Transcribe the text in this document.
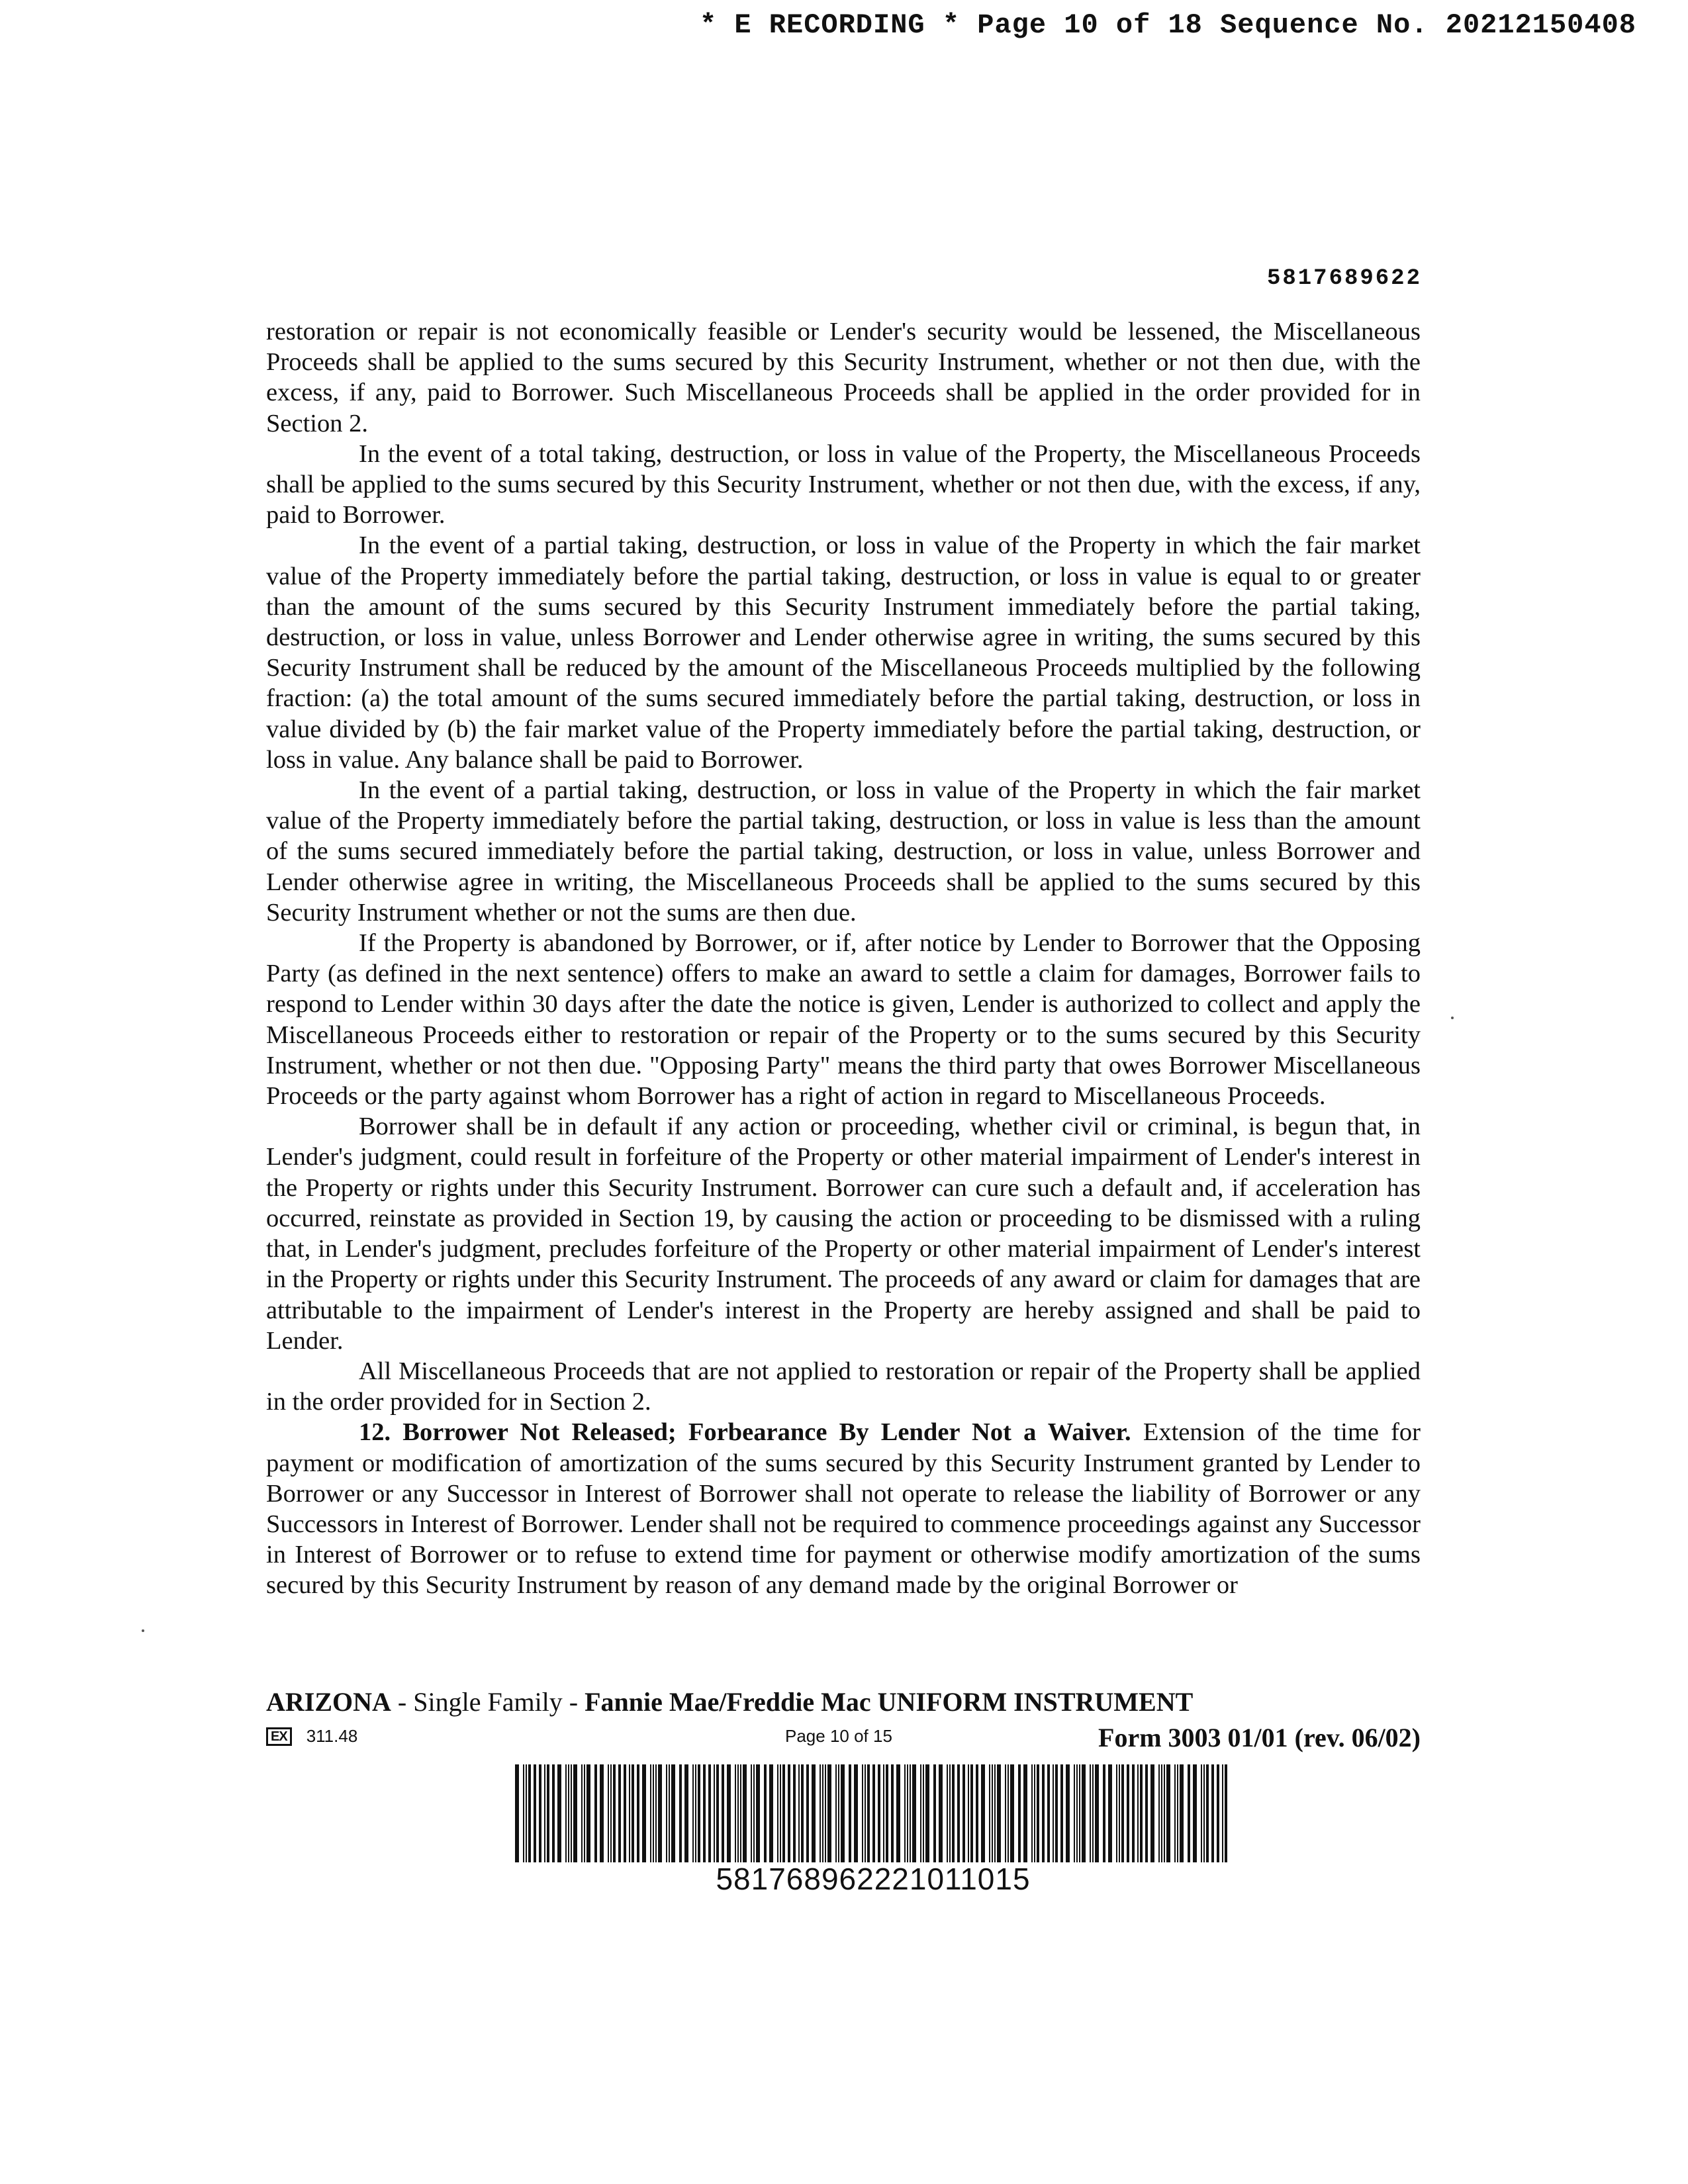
* E RECORDING * Page 10 of 18 Sequence No. 20212150408
5817689622

restoration or repair is not economically feasible or Lender's security would be lessened, the Miscellaneous Proceeds shall be applied to the sums secured by this Security Instrument, whether or not then due, with the excess, if any, paid to Borrower. Such Miscellaneous Proceeds shall be applied in the order provided for in Section 2.

In the event of a total taking, destruction, or loss in value of the Property, the Miscellaneous Proceeds shall be applied to the sums secured by this Security Instrument, whether or not then due, with the excess, if any, paid to Borrower.

In the event of a partial taking, destruction, or loss in value of the Property in which the fair market value of the Property immediately before the partial taking, destruction, or loss in value is equal to or greater than the amount of the sums secured by this Security Instrument immediately before the partial taking, destruction, or loss in value, unless Borrower and Lender otherwise agree in writing, the sums secured by this Security Instrument shall be reduced by the amount of the Miscellaneous Proceeds multiplied by the following fraction: (a) the total amount of the sums secured immediately before the partial taking, destruction, or loss in value divided by (b) the fair market value of the Property immediately before the partial taking, destruction, or loss in value. Any balance shall be paid to Borrower.

In the event of a partial taking, destruction, or loss in value of the Property in which the fair market value of the Property immediately before the partial taking, destruction, or loss in value is less than the amount of the sums secured immediately before the partial taking, destruction, or loss in value, unless Borrower and Lender otherwise agree in writing, the Miscellaneous Proceeds shall be applied to the sums secured by this Security Instrument whether or not the sums are then due.

If the Property is abandoned by Borrower, or if, after notice by Lender to Borrower that the Opposing Party (as defined in the next sentence) offers to make an award to settle a claim for damages, Borrower fails to respond to Lender within 30 days after the date the notice is given, Lender is authorized to collect and apply the Miscellaneous Proceeds either to restoration or repair of the Property or to the sums secured by this Security Instrument, whether or not then due. "Opposing Party" means the third party that owes Borrower Miscellaneous Proceeds or the party against whom Borrower has a right of action in regard to Miscellaneous Proceeds.

Borrower shall be in default if any action or proceeding, whether civil or criminal, is begun that, in Lender's judgment, could result in forfeiture of the Property or other material impairment of Lender's interest in the Property or rights under this Security Instrument. Borrower can cure such a default and, if acceleration has occurred, reinstate as provided in Section 19, by causing the action or proceeding to be dismissed with a ruling that, in Lender's judgment, precludes forfeiture of the Property or other material impairment of Lender's interest in the Property or rights under this Security Instrument. The proceeds of any award or claim for damages that are attributable to the impairment of Lender's interest in the Property are hereby assigned and shall be paid to Lender.

All Miscellaneous Proceeds that are not applied to restoration or repair of the Property shall be applied in the order provided for in Section 2.

12. Borrower Not Released; Forbearance By Lender Not a Waiver. Extension of the time for payment or modification of amortization of the sums secured by this Security Instrument granted by Lender to Borrower or any Successor in Interest of Borrower shall not operate to release the liability of Borrower or any Successors in Interest of Borrower. Lender shall not be required to commence proceedings against any Successor in Interest of Borrower or to refuse to extend time for payment or otherwise modify amortization of the sums secured by this Security Instrument by reason of any demand made by the original Borrower or

ARIZONA - Single Family - Fannie Mae/Freddie Mac UNIFORM INSTRUMENT
EX 311.48	Page 10 of 15	Form 3003 01/01 (rev. 06/02)
581768962221011015
